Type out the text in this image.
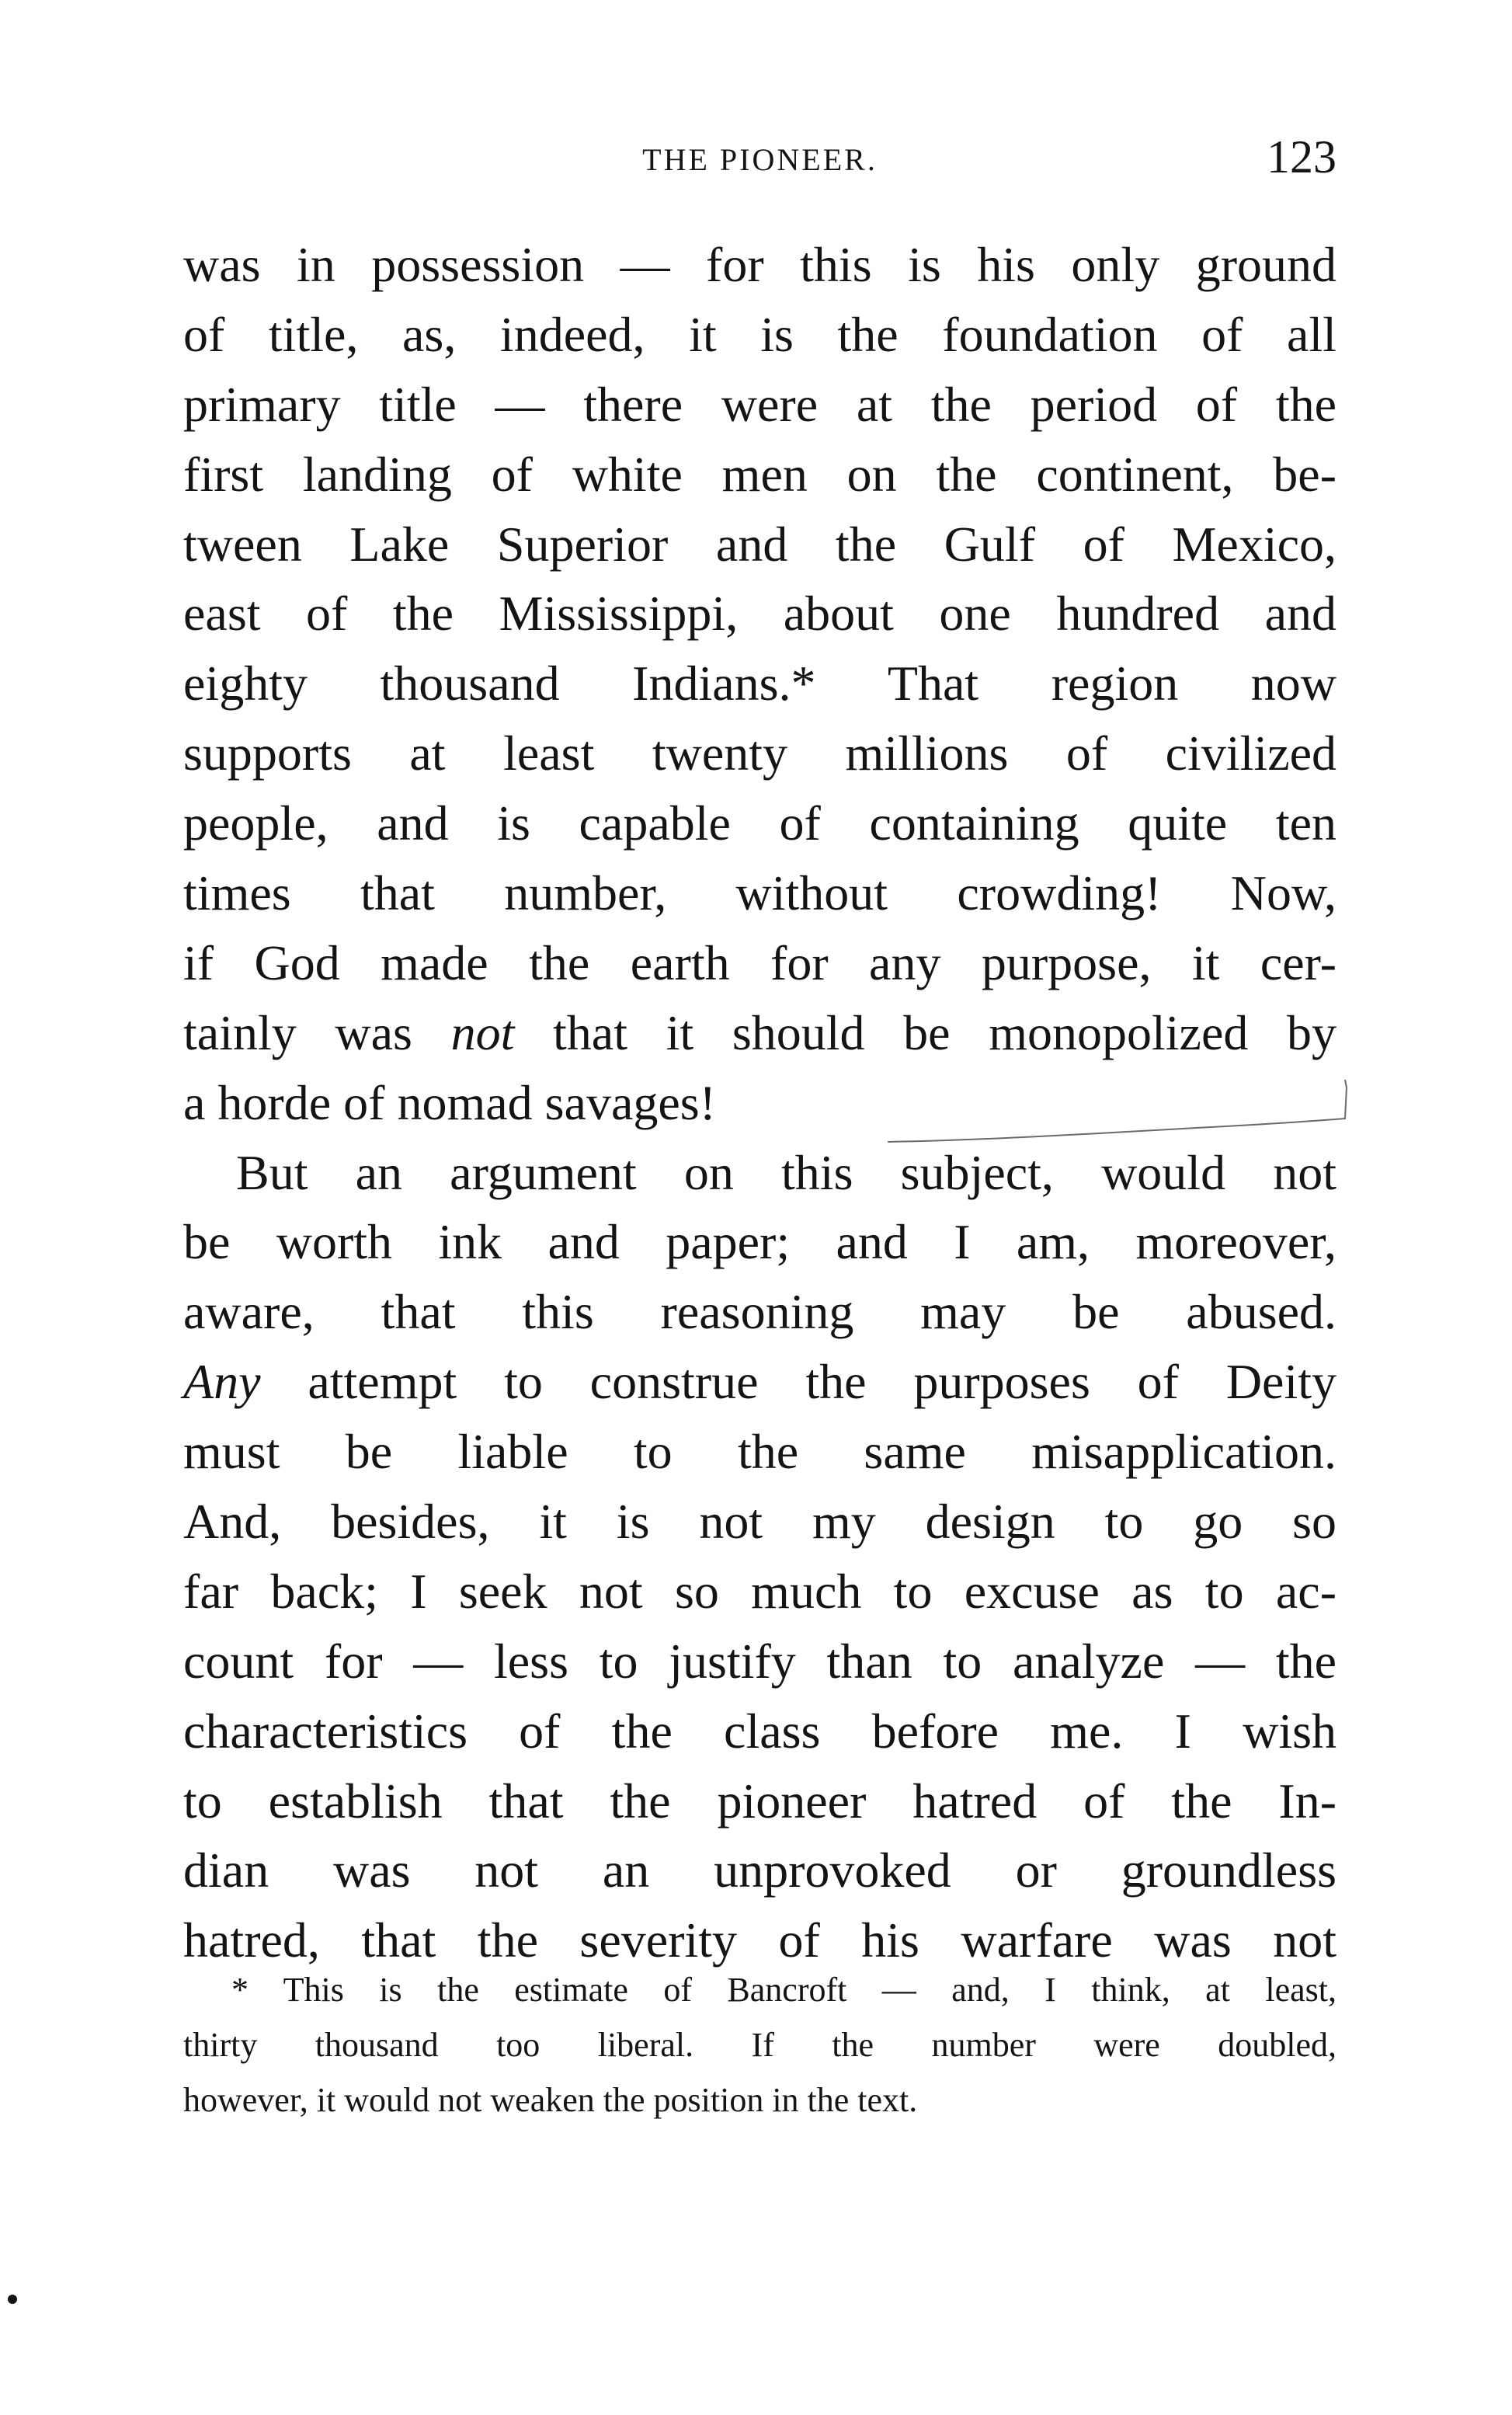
THE PIONEER.	123
was in possession — for this is his only ground
of title, as, indeed, it is the foundation of all
primary title — there were at the period of the
first landing of white men on the continent, be-
tween Lake Superior and the Gulf of Mexico,
east of the Mississippi, about one hundred and
eighty thousand Indians.* That region now
supports at least twenty millions of civilized
people, and is capable of containing quite ten
times that number, without crowding! Now,
if God made the earth for any purpose, it cer-
tainly was not that it should be monopolized by
a horde of nomad savages!
But an argument on this subject, would not
be worth ink and paper; and I am, moreover,
aware, that this reasoning may be abused.
Any attempt to construe the purposes of Deity
must be liable to the same misapplication.
And, besides, it is not my design to go so
far back; I seek not so much to excuse as to ac-
count for — less to justify than to analyze — the
characteristics of the class before me. I wish
to establish that the pioneer hatred of the In-
dian was not an unprovoked or groundless
hatred, that the severity of his warfare was not
* This is the estimate of Bancroft — and, I think, at least,
thirty thousand too liberal. If the number were doubled,
however, it would not weaken the position in the text.
